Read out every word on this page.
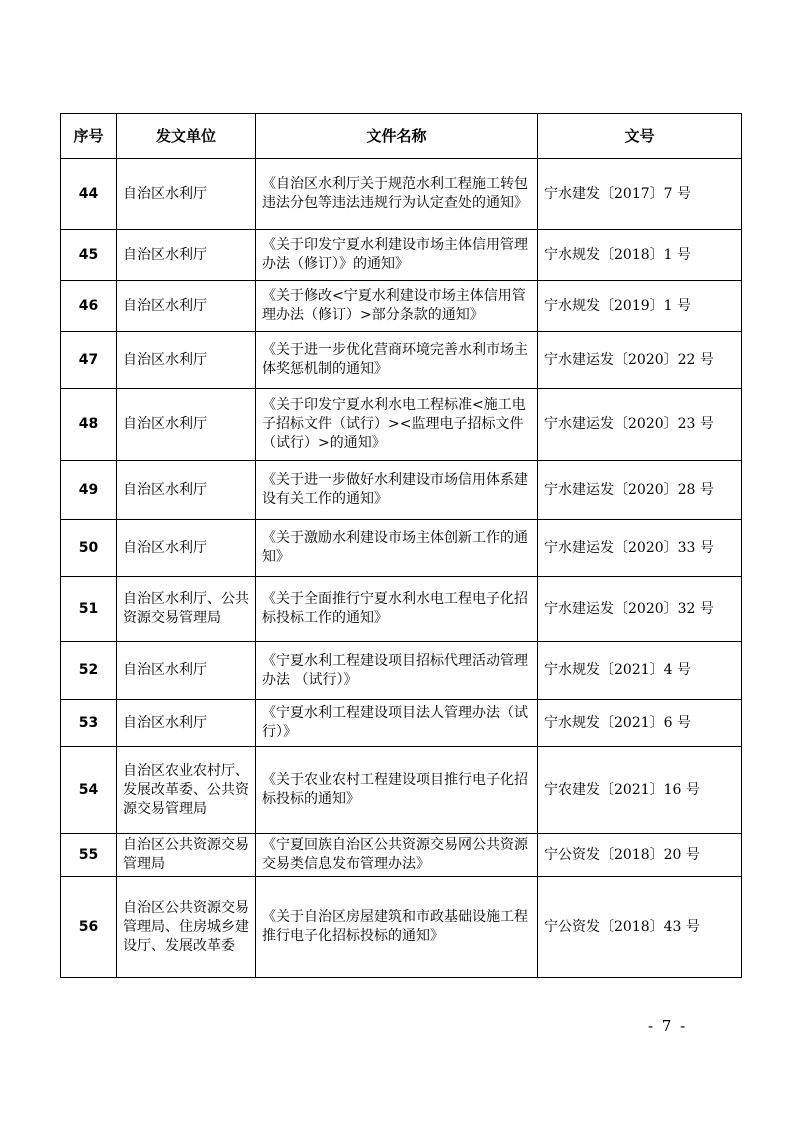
序号	发文单位	文件名称	文号
44	自治区水利厅	《自治区水利厅关于规范水利工程施工转包违法分包等违法违规行为认定查处的通知》	宁水建发〔2017〕7 号
45	自治区水利厅	《关于印发宁夏水利建设市场主体信用管理办法（修订）》的通知》	宁水规发〔2018〕1 号
46	自治区水利厅	《关于修改<宁夏水利建设市场主体信用管理办法（修订）>部分条款的通知》	宁水规发〔2019〕1 号
47	自治区水利厅	《关于进一步优化营商环境完善水利市场主体奖惩机制的通知》	宁水建运发〔2020〕22 号
48	自治区水利厅	《关于印发宁夏水利水电工程标准<施工电子招标文件（试行）><监理电子招标文件（试行）>的通知》	宁水建运发〔2020〕23 号
49	自治区水利厅	《关于进一步做好水利建设市场信用体系建设有关工作的通知》	宁水建运发〔2020〕28 号
50	自治区水利厅	《关于激励水利建设市场主体创新工作的通知》	宁水建运发〔2020〕33 号
51	自治区水利厅、公共资源交易管理局	《关于全面推行宁夏水利水电工程电子化招标投标工作的通知》	宁水建运发〔2020〕32 号
52	自治区水利厅	《宁夏水利工程建设项目招标代理活动管理办法 （试行）》	宁水规发〔2021〕4 号
53	自治区水利厅	《宁夏水利工程建设项目法人管理办法（试行）》	宁水规发〔2021〕6 号
54	自治区农业农村厅、发展改革委、公共资源交易管理局	《关于农业农村工程建设项目推行电子化招标投标的通知》	宁农建发〔2021〕16 号
55	自治区公共资源交易管理局	《宁夏回族自治区公共资源交易网公共资源交易类信息发布管理办法》	宁公资发〔2018〕20 号
56	自治区公共资源交易管理局、住房城乡建设厅、发展改革委	《关于自治区房屋建筑和市政基础设施工程推行电子化招标投标的通知》	宁公资发〔2018〕43 号
- 7 -
